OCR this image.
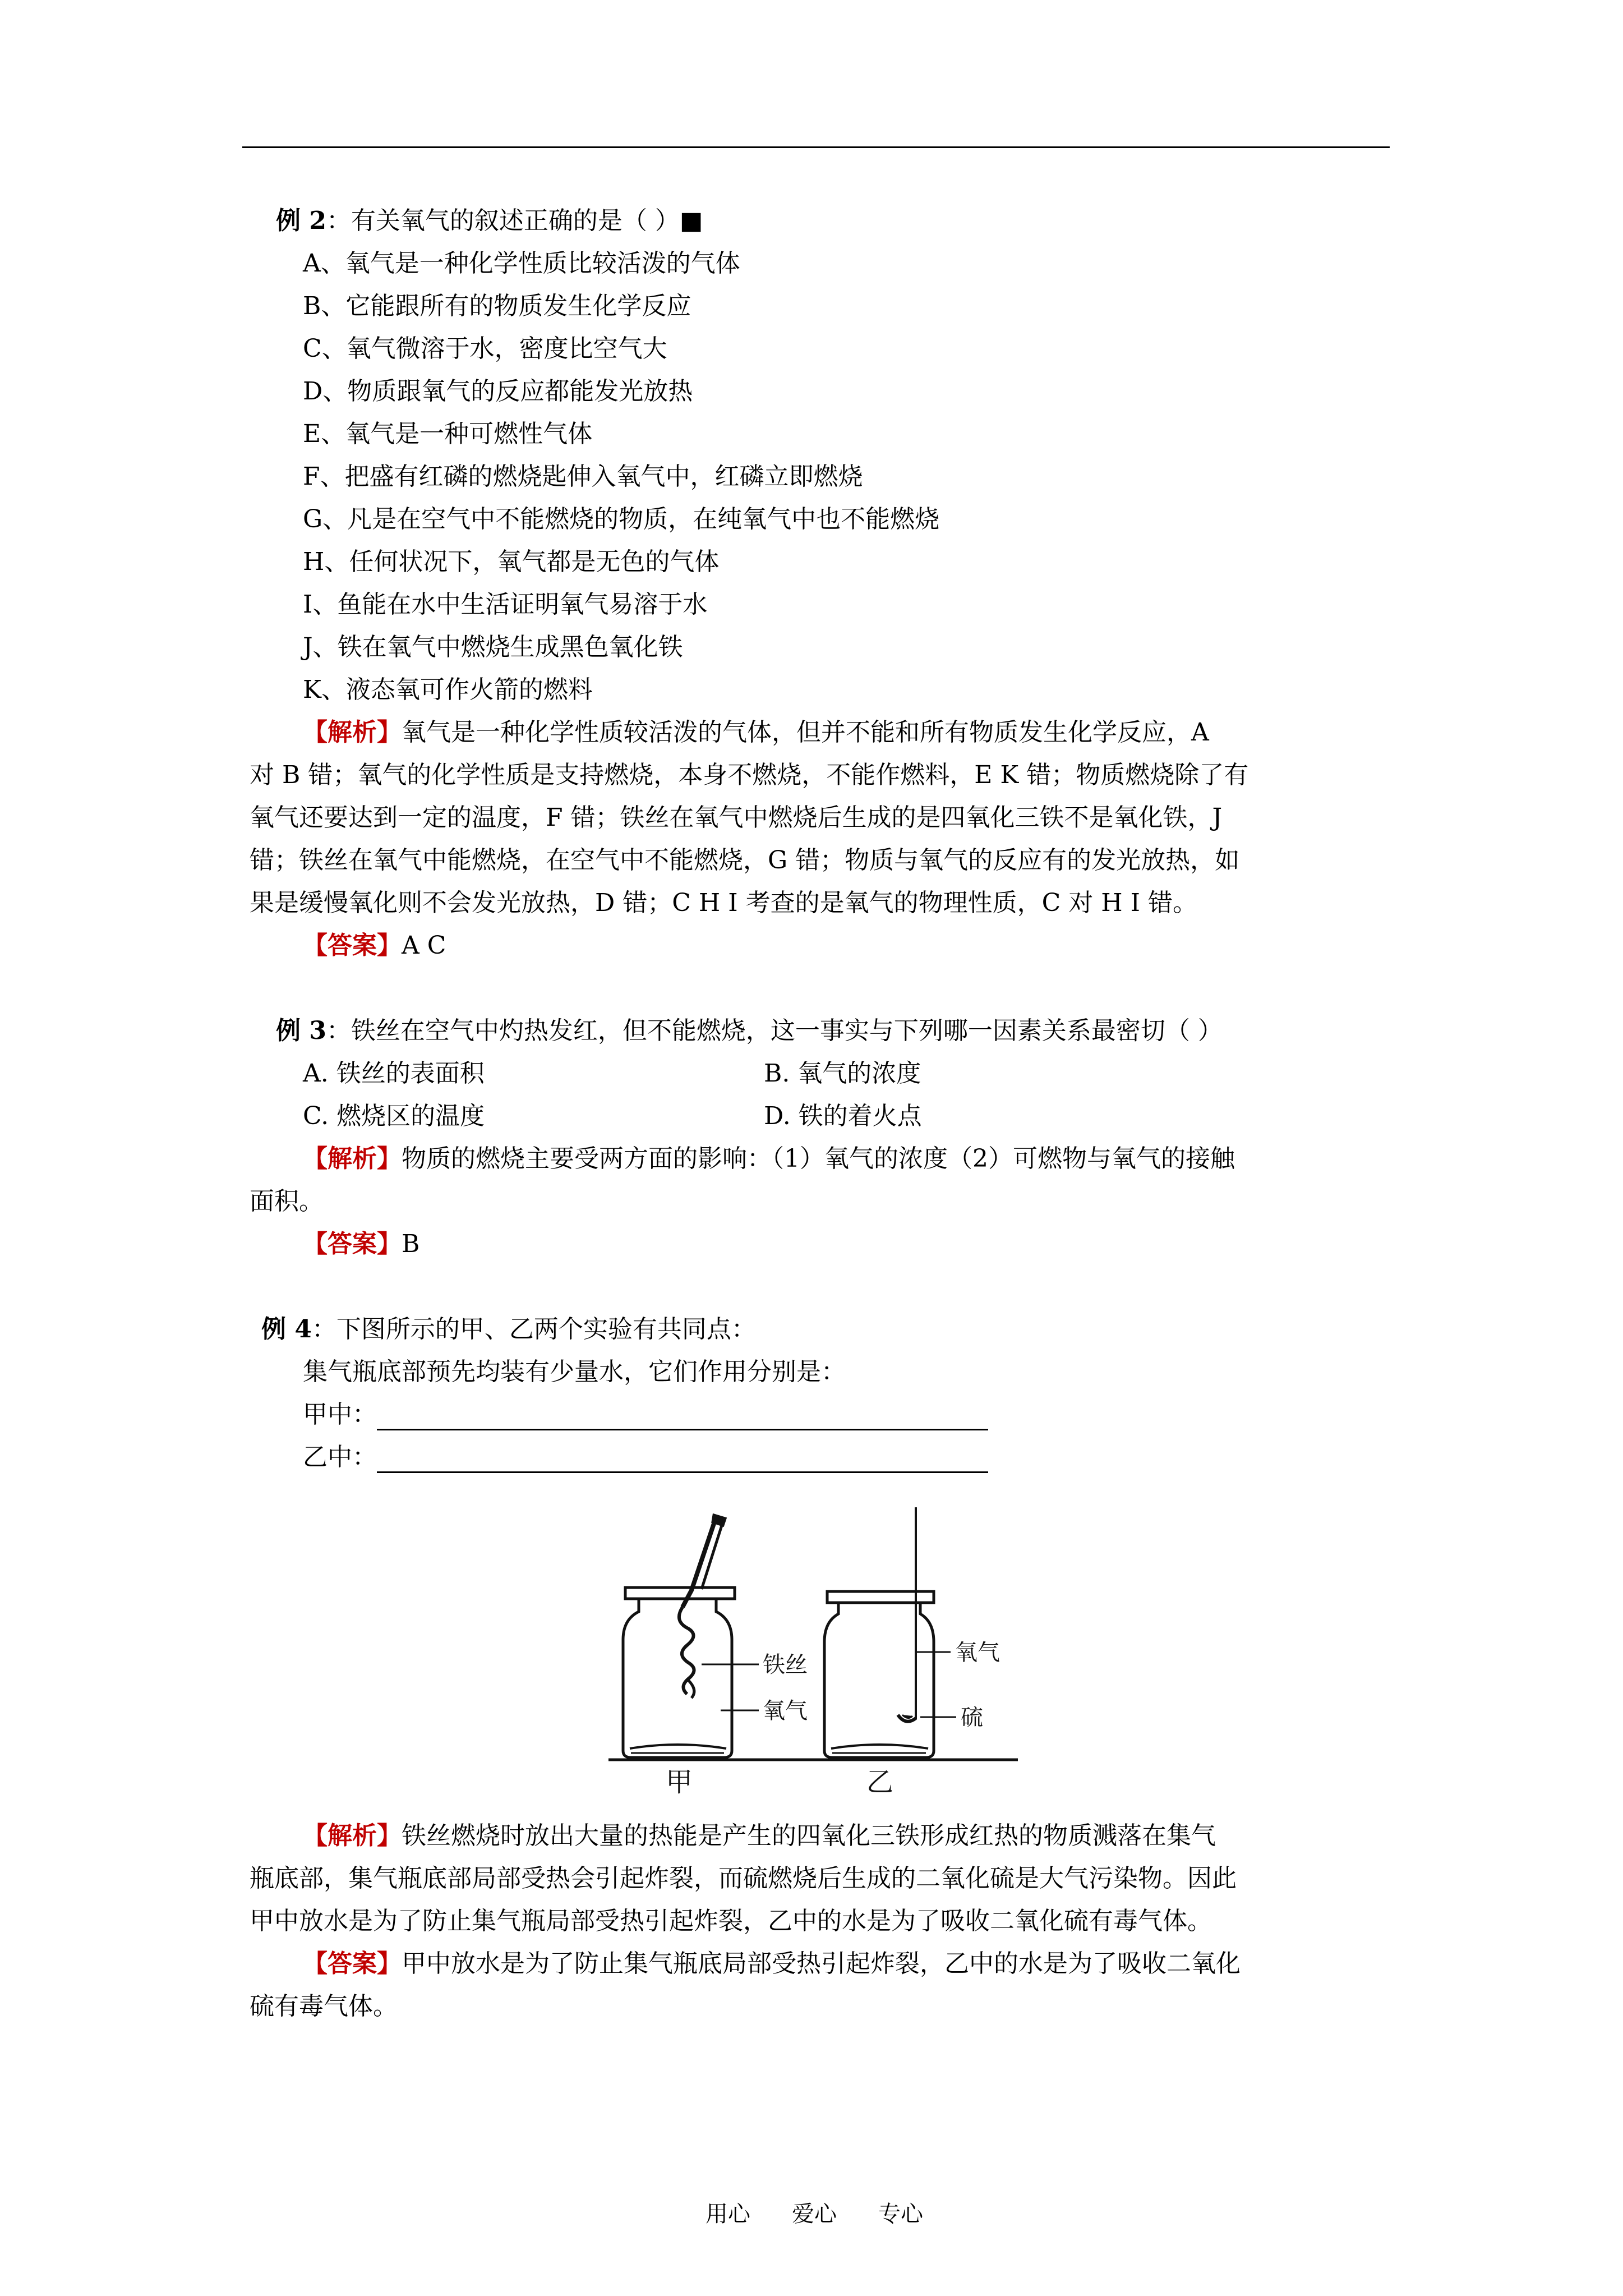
例 2：有关氧气的叙述正确的是（ ）■
A、氧气是一种化学性质比较活泼的气体
B、它能跟所有的物质发生化学反应
C、氧气微溶于水，密度比空气大
D、物质跟氧气的反应都能发光放热
E、氧气是一种可燃性气体
F、把盛有红磷的燃烧匙伸入氧气中，红磷立即燃烧
G、凡是在空气中不能燃烧的物质，在纯氧气中也不能燃烧
H、任何状况下，氧气都是无色的气体
I、鱼能在水中生活证明氧气易溶于水
J、铁在氧气中燃烧生成黑色氧化铁
K、液态氧可作火箭的燃料
【解析】氧气是一种化学性质较活泼的气体，但并不能和所有物质发生化学反应，A
对 B 错；氧气的化学性质是支持燃烧，本身不燃烧，不能作燃料，E K 错；物质燃烧除了有
氧气还要达到一定的温度，F 错；铁丝在氧气中燃烧后生成的是四氧化三铁不是氧化铁，J
错；铁丝在氧气中能燃烧，在空气中不能燃烧，G 错；物质与氧气的反应有的发光放热，如
果是缓慢氧化则不会发光放热，D 错；C H I 考查的是氧气的物理性质，C 对 H I 错。
【答案】A C
例 3：铁丝在空气中灼热发红，但不能燃烧，这一事实与下列哪一因素关系最密切（ ）
A. 铁丝的表面积	B. 氧气的浓度
C. 燃烧区的温度	D. 铁的着火点
【解析】物质的燃烧主要受两方面的影响：（1）氧气的浓度（2）可燃物与氧气的接触
面积。
【答案】B
例 4：下图所示的甲、乙两个实验有共同点：
集气瓶底部预先均装有少量水，它们作用分别是：
甲中：
乙中：
铁丝
氧气
氧气
硫
甲	乙
【解析】铁丝燃烧时放出大量的热能是产生的四氧化三铁形成红热的物质溅落在集气
瓶底部，集气瓶底部局部受热会引起炸裂，而硫燃烧后生成的二氧化硫是大气污染物。因此
甲中放水是为了防止集气瓶局部受热引起炸裂，乙中的水是为了吸收二氧化硫有毒气体。
【答案】甲中放水是为了防止集气瓶底局部受热引起炸裂，乙中的水是为了吸收二氧化
硫有毒气体。
用心 爱心 专心
